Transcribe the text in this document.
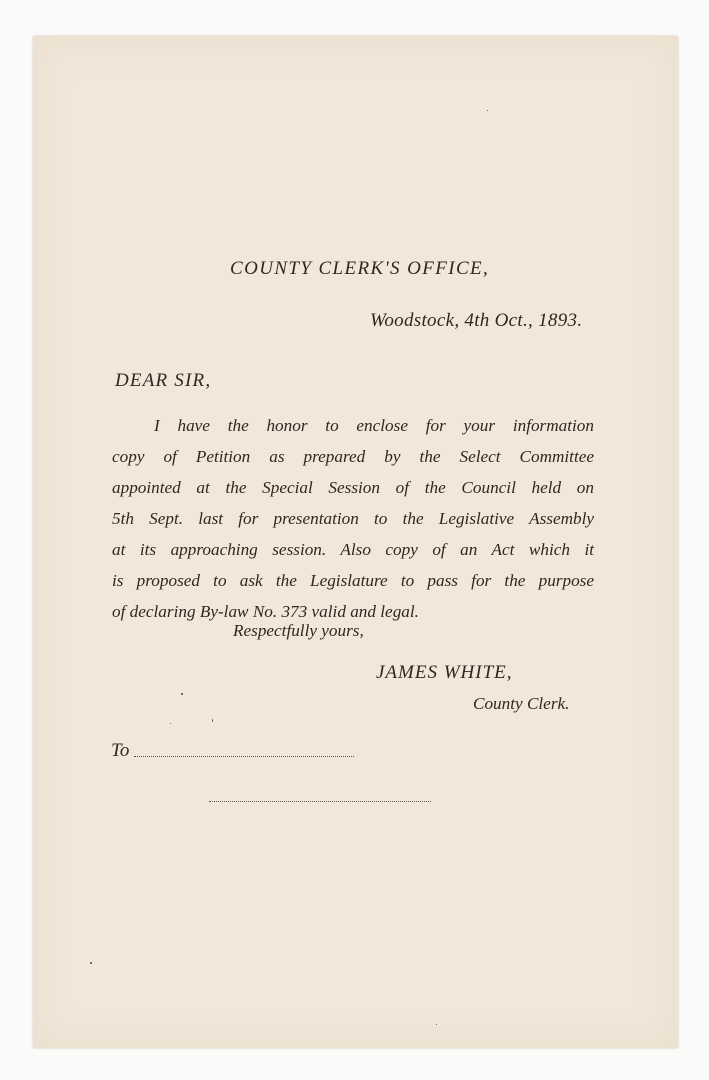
COUNTY CLERK'S OFFICE,

Woodstock, 4th Oct., 1893.

DEAR SIR,

I have the honor to enclose for your information
copy of Petition as prepared by the Select Committee
appointed at the Special Session of the Council held on
5th Sept. last for presentation to the Legislative Assembly
at its approaching session. Also copy of an Act which it
is proposed to ask the Legislature to pass for the purpose
of declaring By-law No. 373 valid and legal.

Respectfully yours,

JAMES WHITE,

County Clerk.

To
